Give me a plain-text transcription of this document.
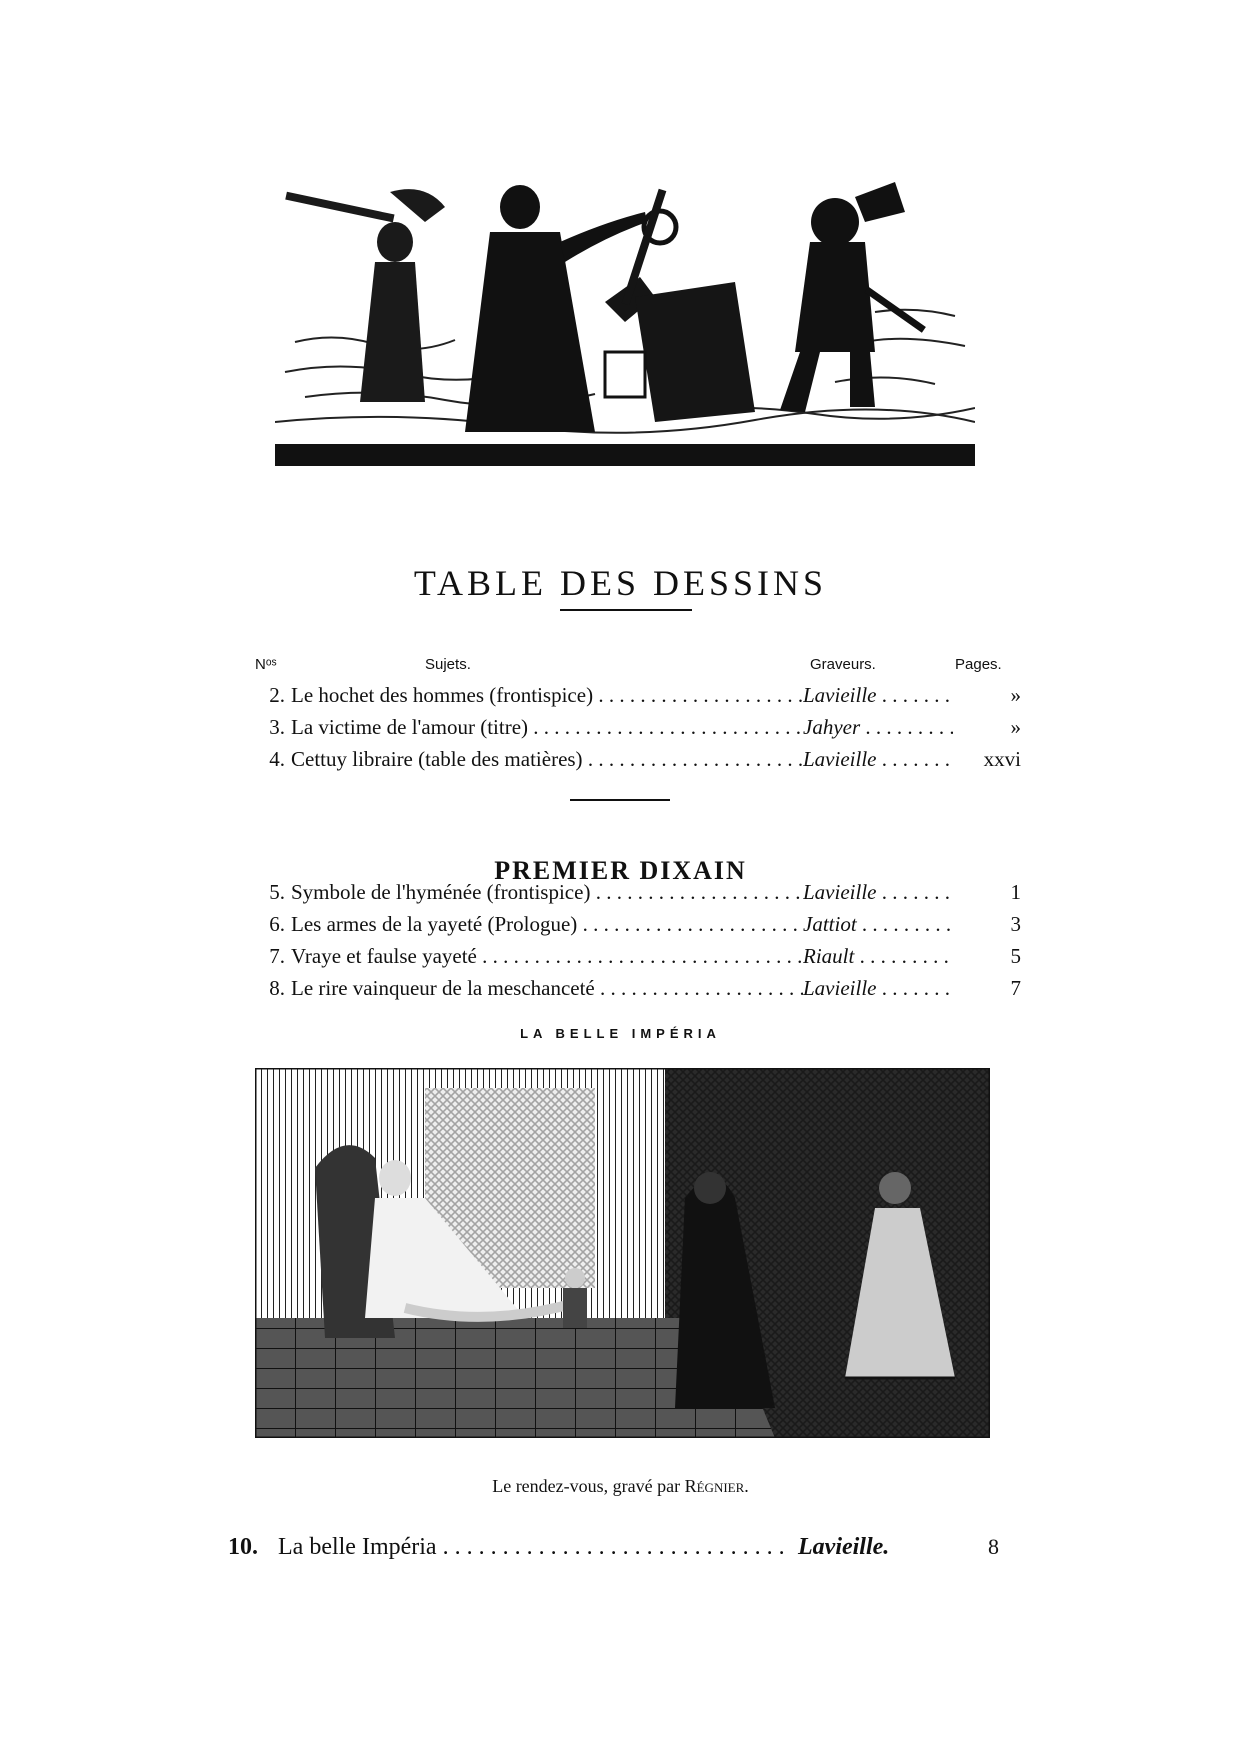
TABLE DES DESSINS
Nᵒˢ	Sujets.	Graveurs.	Pages.
2. Le hochet des hommes (frontispice) . . .	Lavieille . . .	»
3. La victime de l'amour (titre) . . .	Jahyer . . .	»
4. Cettuy libraire (table des matières) . . .	Lavieille . . .	xxvi
PREMIER DIXAIN
5. Symbole de l'hyménée (frontispice) . . .	Lavieille . . .	1
6. Les armes de la yayeté (Prologue) . . .	Jattiot . . .	3
7. Vraye et faulse yayeté . . .	Riault . . .	5
8. Le rire vainqueur de la meschanceté . . .	Lavieille . . .	7
LA BELLE IMPÉRIA
Le rendez-vous, gravé par Régnier.
10. La belle Impéria . . .	Lavieille.	8
